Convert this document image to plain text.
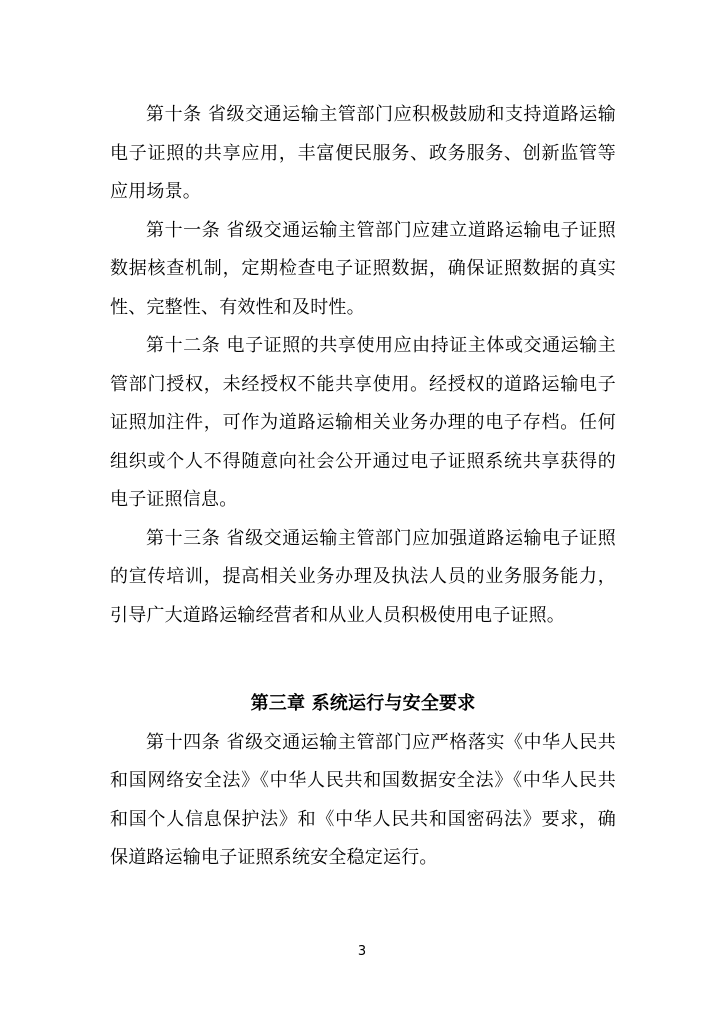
第十条 省级交通运输主管部门应积极鼓励和支持道路运输电子证照的共享应用，丰富便民服务、政务服务、创新监管等应用场景。

第十一条 省级交通运输主管部门应建立道路运输电子证照数据核查机制，定期检查电子证照数据，确保证照数据的真实性、完整性、有效性和及时性。

第十二条 电子证照的共享使用应由持证主体或交通运输主管部门授权，未经授权不能共享使用。经授权的道路运输电子证照加注件，可作为道路运输相关业务办理的电子存档。任何组织或个人不得随意向社会公开通过电子证照系统共享获得的电子证照信息。

第十三条 省级交通运输主管部门应加强道路运输电子证照的宣传培训，提高相关业务办理及执法人员的业务服务能力，引导广大道路运输经营者和从业人员积极使用电子证照。

第三章 系统运行与安全要求

第十四条 省级交通运输主管部门应严格落实《中华人民共和国网络安全法》《中华人民共和国数据安全法》《中华人民共和国个人信息保护法》和《中华人民共和国密码法》要求，确保道路运输电子证照系统安全稳定运行。

3
